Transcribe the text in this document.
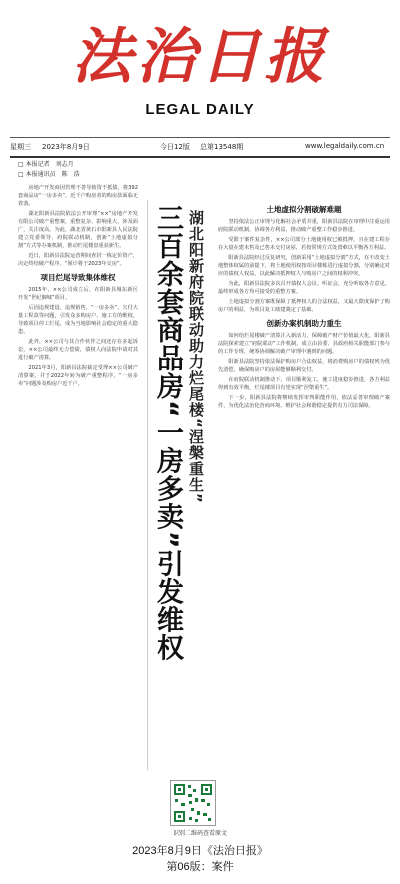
法治日报
LEGAL DAILY
星期三 2023年8月9日	今日12版 总第13548期	www.legaldaily.com.cn
□ 本报记者　刘志月
□ 本报通讯员　陈　浩

房地产开发商因管理不善导致资不抵债，将392套商品房“一房多卖”，近千户购房者的购房款面临无着落。

湖北阳新县法院依法公开审理“××”房地产开发有限公司破产重整案，重整复杂、影响重大、涉及面广，关注度高。为此，湖北省黄石市阳新县人民法院建立党委领导、府院联动机制，创新“土地虚拟分割”方式等办案机制，推动烂尾楼盘重获新生。

近日，阳新县法院运营期间查封一栋定价资产，决定终结破产程序。“预计将于2023年交房”。

项目烂尾导致集体维权

2015年，××公司成立后，在阳新县城东新区开发“世纪御城”项目。

后因违规建设、违规销售，“一房多卖”、欠付大量工程款等问题，引发众多购房户、施工方的维权，导致项目停工烂尾，成为当地影响社会稳定的重大隐患。

此外，××公司与其合作伙伴之间还存在多起诉讼，××公司最终无力偿债，债权人向法院申请对其进行破产清算。

2021年3月，阳新县法院裁定受理××公司破产清算案，并于2022年转为破产重整程序，“一房多卖”问题涉及购房户近千户。	三百余套商品房“一房多卖”引发维权 湖北阳新府院联动助力烂尾楼“涅槃重生”
土地虚拟分割破解难题

坚持依法公正审理与化解社会矛盾并重，阳新县法院在审理中注重运用府院联动机制，协调各方利益，推动破产重整工作稳步推进。

受限于案件复杂性，××公司部分土地使用权已被抵押，且在建工程存在大量在建未售及已售未交付房屋，若按常规方式处置难以平衡各方利益。

阳新县法院经过反复研究，创新采用“土地虚拟分割”方式，在不改变土地整体权属的前提下，将土地使用权按项目楼栋进行虚拟分割，分别确定对应的债权人权益，以此解决抵押权人与购房户之间的权利冲突。

为此，阳新县法院多次召开债权人会议、听证会，充分听取各方意见，最终形成各方均可接受的重整方案。

土地虚拟分割方案既保障了抵押权人的合法权益，又最大限度保护了购房户的利益，为项目复工续建奠定了基础。

创新办案机制助力重生

如何给烂尾楼破产清算注入新活力，保障破产财产价值最大化，阳新县法院探索建立“府院联动”工作机制，成立由县委、县政府相关职能部门参与的工作专班，统筹协调解决破产审理中遇到的问题。

阳新县法院坚持依法保护购房户合法权益，将消费购房户的债权列为优先清偿，确保购房户的房屋能够顺利交付。

在府院联动机制推动下，项目顺利复工，施工进度稳步推进，各方利益得到有效平衡，烂尾楼项目有望实现“涅槃重生”。

下一步，阳新县法院将继续发挥审判职能作用，依法妥善审理破产案件，为优化法治化营商环境、维护社会和谐稳定提供有力司法保障。

识别二维码查看原文
2023年8月9日《法治日报》
第06版：案件
